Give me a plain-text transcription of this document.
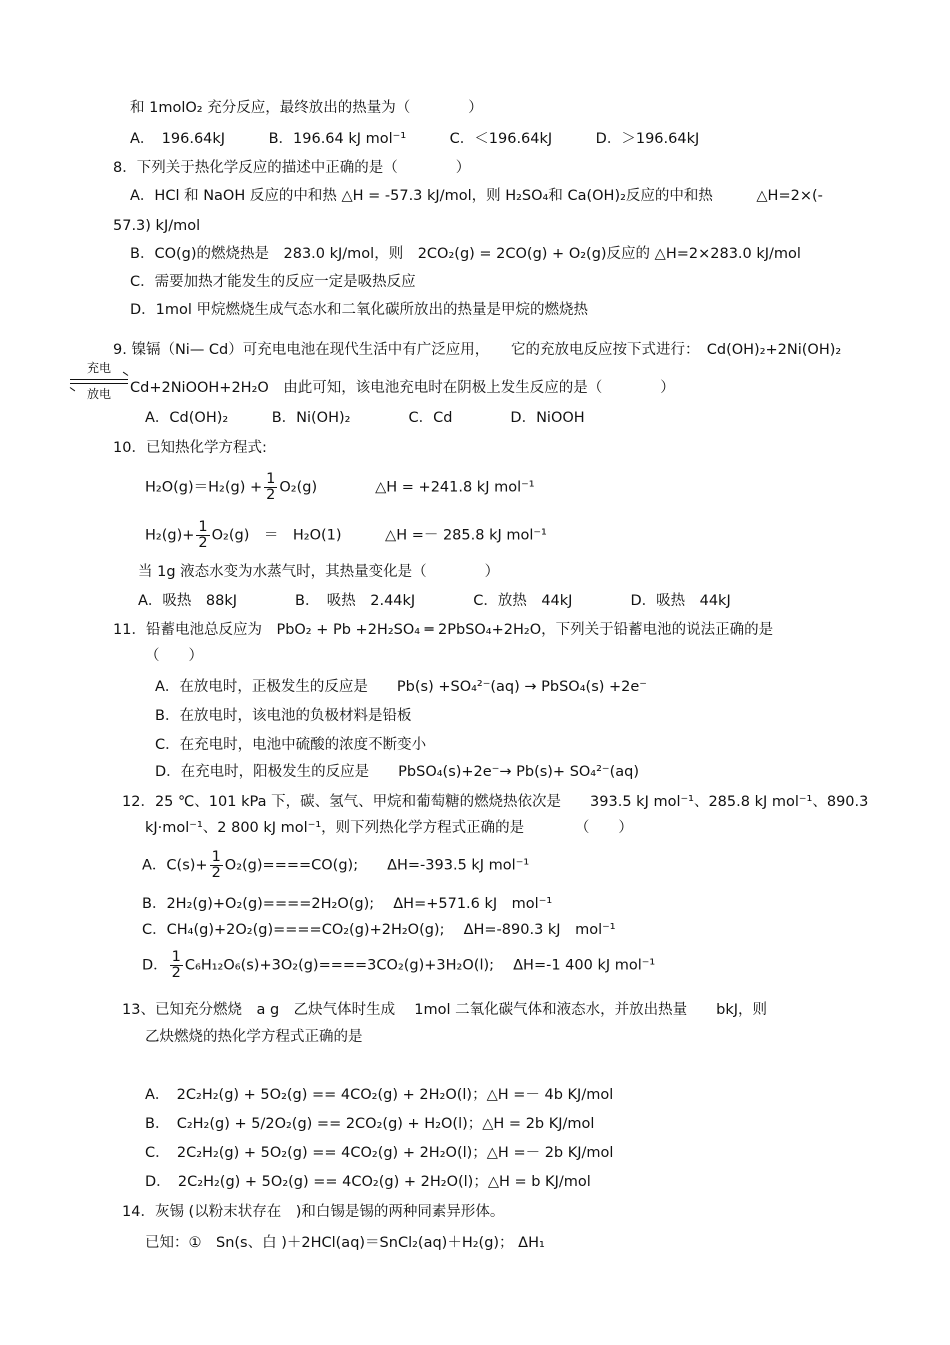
和 1molO₂ 充分反应，最终放出的热量为（　　　　）
A．　196.64kJ　　　B．196.64 kJ mol⁻¹　　　C．＜196.64kJ　　　D．＞196.64kJ
8．下列关于热化学反应的描述中正确的是（　　　　）
A．HCl 和 NaOH 反应的中和热 △H = -57.3 kJ/mol，则 H₂SO₄和 Ca(OH)₂反应的中和热　　　△H=2×(-
57.3) kJ/mol
B．CO(g)的燃烧热是　283.0 kJ/mol，则　2CO₂(g) = 2CO(g) + O₂(g)反应的 △H=2×283.0 kJ/mol
C．需要加热才能发生的反应一定是吸热反应
D．1mol 甲烷燃烧生成气态水和二氧化碳所放出的热量是甲烷的燃烧热
9. 镍镉（Ni— Cd）可充电电池在现代生活中有广泛应用，　　它的充放电反应按下式进行：　Cd(OH)₂+2Ni(OH)₂
充电
放电	Cd+2NiOOH+2H₂O　由此可知，该电池充电时在阴极上发生反应的是（　　　　）
A．Cd(OH)₂　　　B．Ni(OH)₂　　　　C．Cd　　　　D．NiOOH
10．已知热化学方程式:
$H_2O(g)=H_2(g) + \frac{1}{2} O_2(g)$　　　　△H = +241.8 kJ mol⁻¹
$H_2(g)+ \frac{1}{2} O_2(g)$　＝　H₂O(1)　　　△H =－ 285.8 kJ mol⁻¹
当 1g 液态水变为水蒸气时，其热量变化是（　　　　）
A．吸热　88kJ　　　　B．　吸热　2.44kJ　　　　C．放热　44kJ　　　　D．吸热　44kJ
11．铅蓄电池总反应为　PbO₂ + Pb +2H₂SO₄ ═ 2PbSO₄+2H₂O，下列关于铅蓄电池的说法正确的是
（　　）
A．在放电时，正极发生的反应是　　Pb(s) +SO₄²⁻(aq) → PbSO₄(s) +2e⁻
B．在放电时，该电池的负极材料是铅板
C．在充电时，电池中硫酸的浓度不断变小
D．在充电时，阳极发生的反应是　　PbSO₄(s)+2e⁻→ Pb(s)+ SO₄²⁻(aq)
12．25 ℃、101 kPa 下，碳、氢气、甲烷和葡萄糖的燃烧热依次是　　393.5 kJ mol⁻¹、285.8 kJ mol⁻¹、890.3
kJ·mol⁻¹、2 800 kJ mol⁻¹，则下列热化学方程式正确的是　　　　（　　）
A．$C(s)+ \frac{1}{2} O_2(g)====CO(g)$;　　ΔH=-393.5 kJ mol⁻¹
B．2H₂(g)+O₂(g)====2H₂O(g);　 ΔH=+571.6 kJ　mol⁻¹
C．CH₄(g)+2O₂(g)====CO₂(g)+2H₂O(g);　 ΔH=-890.3 kJ　mol⁻¹
D． $\frac{1}{2} C_6H_{12}O_6(s)+3O_2(g)====3CO_2(g)+3H_2O(l)$;　 ΔH=-1 400 kJ mol⁻¹
13、已知充分燃烧　a g　乙炔气体时生成　 1mol 二氧化碳气体和液态水，并放出热量　　bkJ，则
乙炔燃烧的热化学方程式正确的是
A．　2C₂H₂(g) + 5O₂(g) == 4CO₂(g) + 2H₂O(l)；△H =－ 4b KJ/mol
B．　C₂H₂(g) + 5/2O₂(g) == 2CO₂(g) + H₂O(l)；△H = 2b KJ/mol
C．　2C₂H₂(g) + 5O₂(g) == 4CO₂(g) + 2H₂O(l)；△H =－ 2b KJ/mol
D．　2C₂H₂(g) + 5O₂(g) == 4CO₂(g) + 2H₂O(l)；△H = b KJ/mol
14．灰锡 (以粉末状存在　)和白锡是锡的两种同素异形体。
已知：①　Sn(s、白 )＋2HCl(aq)＝SnCl₂(aq)＋H₂(g)； ΔH₁
